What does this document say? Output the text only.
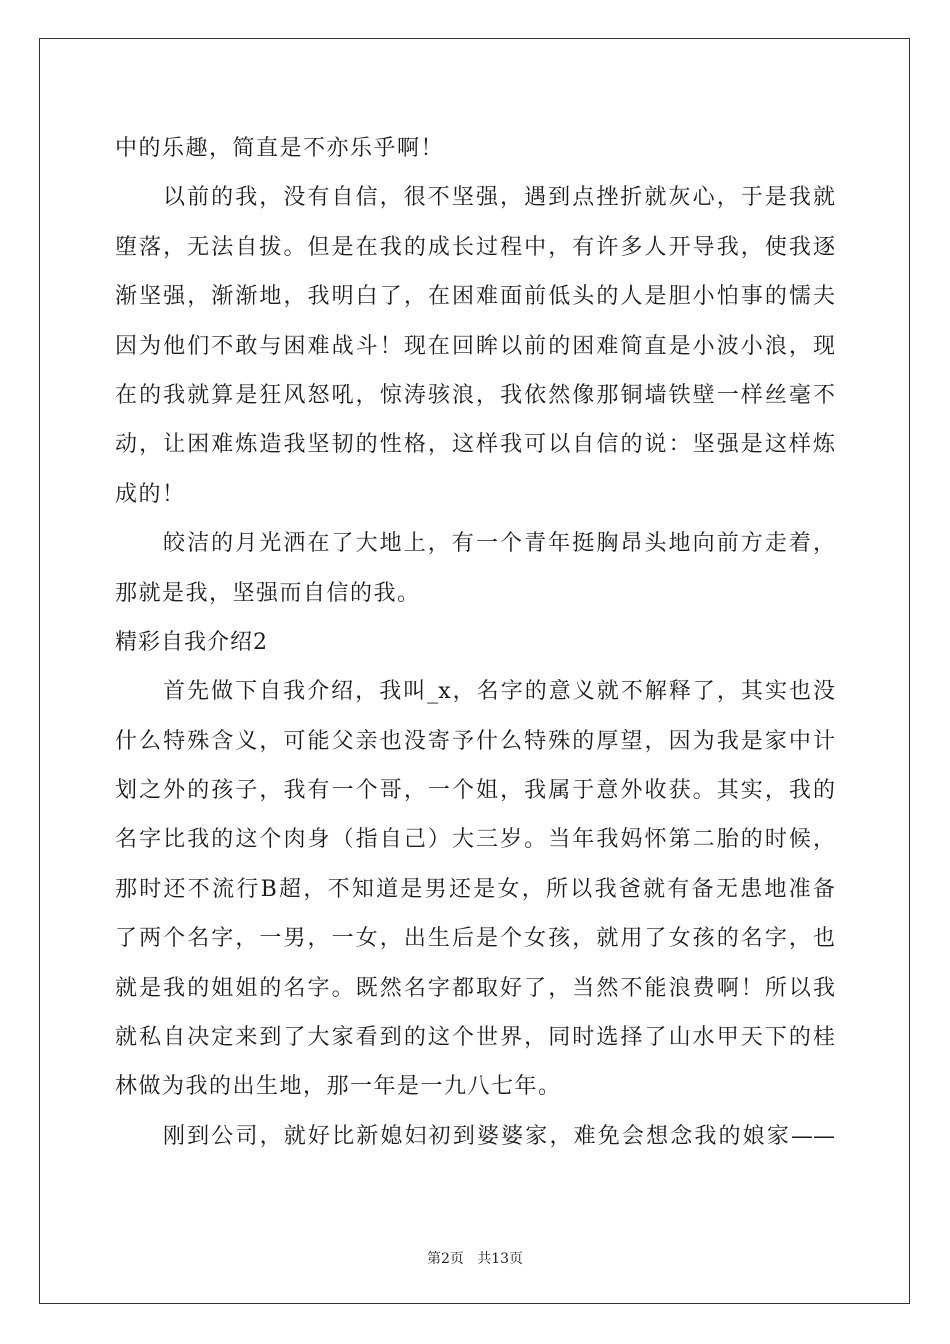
中的乐趣，简直是不亦乐乎啊！
以前的我，没有自信，很不坚强，遇到点挫折就灰心，于是我就
堕落，无法自拔。但是在我的成长过程中，有许多人开导我，使我逐
渐坚强，渐渐地，我明白了，在困难面前低头的人是胆小怕事的懦夫
因为他们不敢与困难战斗！现在回眸以前的困难简直是小波小浪，现
在的我就算是狂风怒吼，惊涛骇浪，我依然像那铜墙铁壁一样丝毫不
动，让困难炼造我坚韧的性格，这样我可以自信的说：坚强是这样炼
成的！
皎洁的月光洒在了大地上，有一个青年挺胸昂头地向前方走着，
那就是我，坚强而自信的我。
精彩自我介绍2
首先做下自我介绍，我叫_x，名字的意义就不解释了，其实也没
什么特殊含义，可能父亲也没寄予什么特殊的厚望，因为我是家中计
划之外的孩子，我有一个哥，一个姐，我属于意外收获。其实，我的
名字比我的这个肉身（指自己）大三岁。当年我妈怀第二胎的时候，
那时还不流行B超，不知道是男还是女，所以我爸就有备无患地准备
了两个名字，一男，一女，出生后是个女孩，就用了女孩的名字，也
就是我的姐姐的名字。既然名字都取好了，当然不能浪费啊！所以我
就私自决定来到了大家看到的这个世界，同时选择了山水甲天下的桂
林做为我的出生地，那一年是一九八七年。
刚到公司，就好比新媳妇初到婆婆家，难免会想念我的娘家——
第2页   共13页
